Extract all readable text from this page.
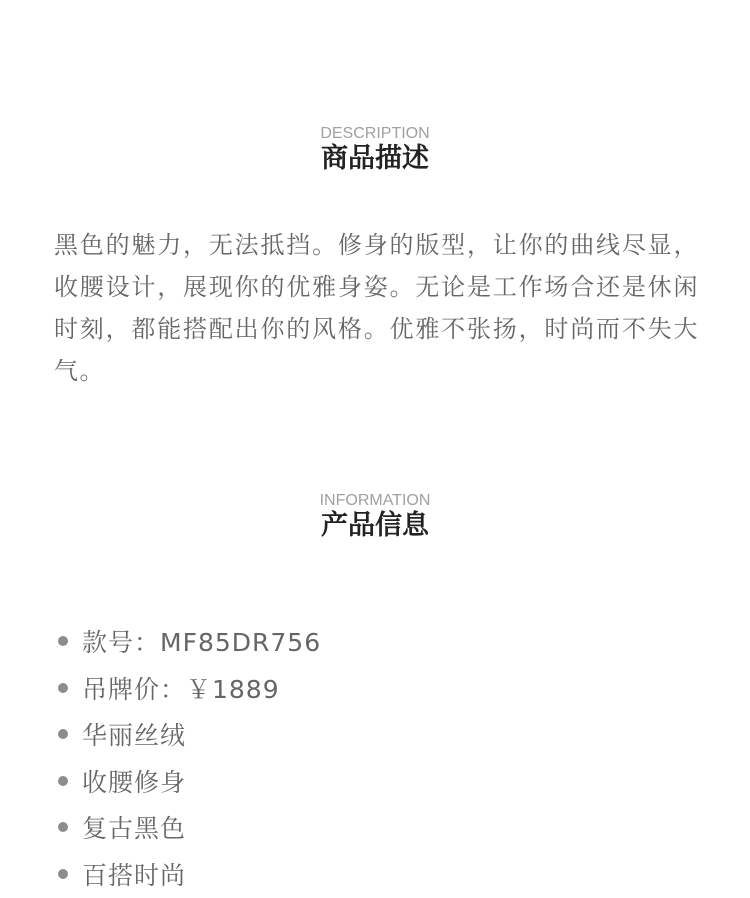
DESCRIPTION
商品描述
黑色的魅力，无法抵挡。修身的版型，让你的曲线尽显，收腰设计，展现你的优雅身姿。无论是工作场合还是休闲时刻，都能搭配出你的风格。优雅不张扬，时尚而不失大气。
INFORMATION
产品信息
款号：MF85DR756
吊牌价：￥1889
华丽丝绒
收腰修身
复古黑色
百搭时尚
